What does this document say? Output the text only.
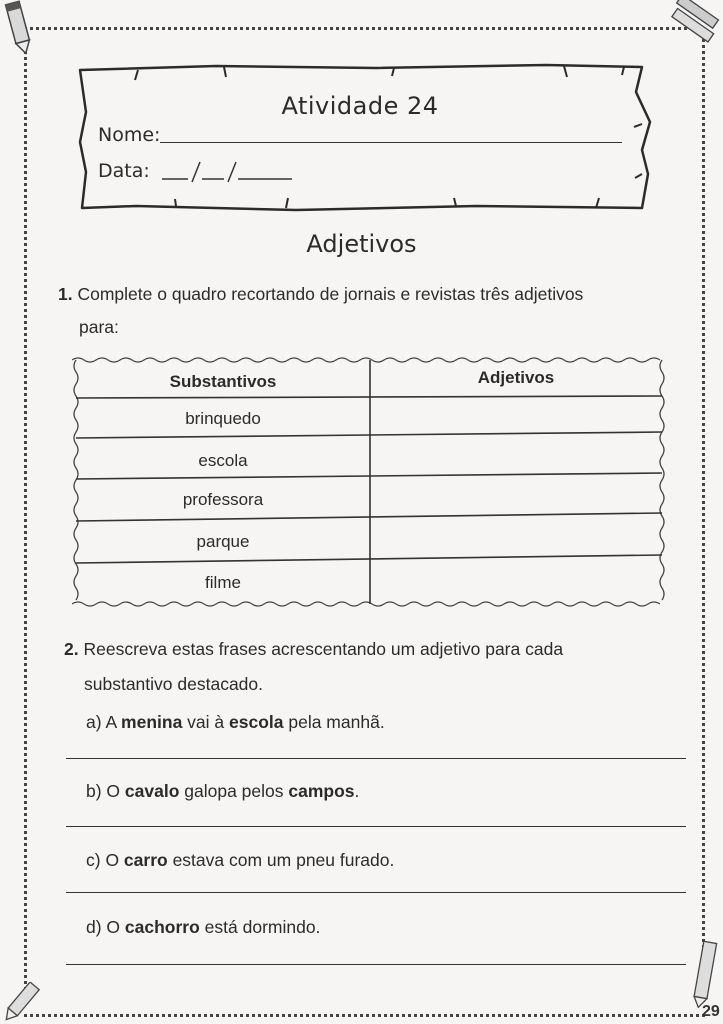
Atividade 24
Nome:
Data:
Adjetivos
1. Complete o quadro recortando de jornais e revistas três adjetivos
para:
Substantivos	Adjetivos
brinquedo
escola
professora
parque
filme
2. Reescreva estas frases acrescentando um adjetivo para cada
substantivo destacado.
a) A menina vai à escola pela manhã.
b) O cavalo galopa pelos campos.
c) O carro estava com um pneu furado.
d) O cachorro está dormindo.
29
